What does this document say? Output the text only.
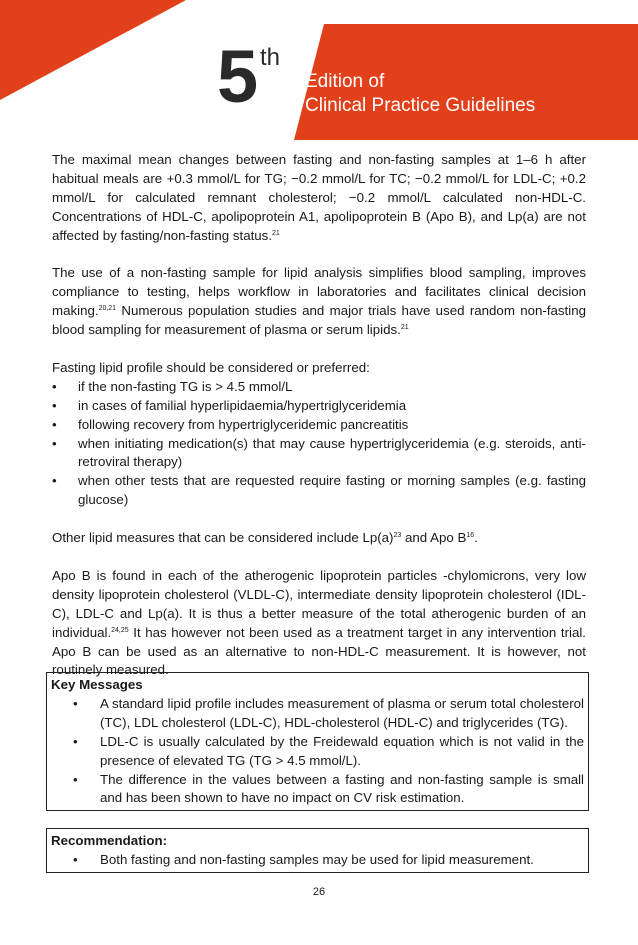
5 th
Edition of
Clinical Practice Guidelines

The maximal mean changes between fasting and non-fasting samples at 1–6 h after habitual meals are +0.3 mmol/L for TG; −0.2 mmol/L for TC; −0.2 mmol/L for LDL-C; +0.2 mmol/L for calculated remnant cholesterol; −0.2 mmol/L calculated non-HDL-C. Concentrations of HDL-C, apolipoprotein A1, apolipoprotein B (Apo B), and Lp(a) are not affected by fasting/non-fasting status.$^{21}$

The use of a non-fasting sample for lipid analysis simplifies blood sampling, improves compliance to testing, helps workflow in laboratories and facilitates clinical decision making.$^{20,21}$ Numerous population studies and major trials have used random non-fasting blood sampling for measurement of plasma or serum lipids.$^{21}$

Fasting lipid profile should be considered or preferred:

• if the non-fasting TG is > 4.5 mmol/L
• in cases of familial hyperlipidaemia/hypertriglyceridemia
• following recovery from hypertriglyceridemic pancreatitis
• when initiating medication(s) that may cause hypertriglyceridemia (e.g. steroids, anti-retroviral therapy)
• when other tests that are requested require fasting or morning samples (e.g. fasting glucose)

Other lipid measures that can be considered include $Lp(a)^{23}$ and Apo $B^{16}$.

Apo B is found in each of the atherogenic lipoprotein particles -chylomicrons, very low density lipoprotein cholesterol (VLDL-C), intermediate density lipoprotein cholesterol (IDL-C), LDL-C and Lp(a). It is thus a better measure of the total atherogenic burden of an individual.$^{24,25}$ It has however not been used as a treatment target in any intervention trial. Apo B can be used as an alternative to non-HDL-C measurement. It is however, not routinely measured.

Key Messages
• A standard lipid profile includes measurement of plasma or serum total cholesterol (TC), LDL cholesterol (LDL-C), HDL-cholesterol (HDL-C) and triglycerides (TG).
• LDL-C is usually calculated by the Freidewald equation which is not valid in the presence of elevated TG (TG > 4.5 mmol/L).
• The difference in the values between a fasting and non-fasting sample is small and has been shown to have no impact on CV risk estimation.
Recommendation:
• Both fasting and non-fasting samples may be used for lipid measurement.
26
